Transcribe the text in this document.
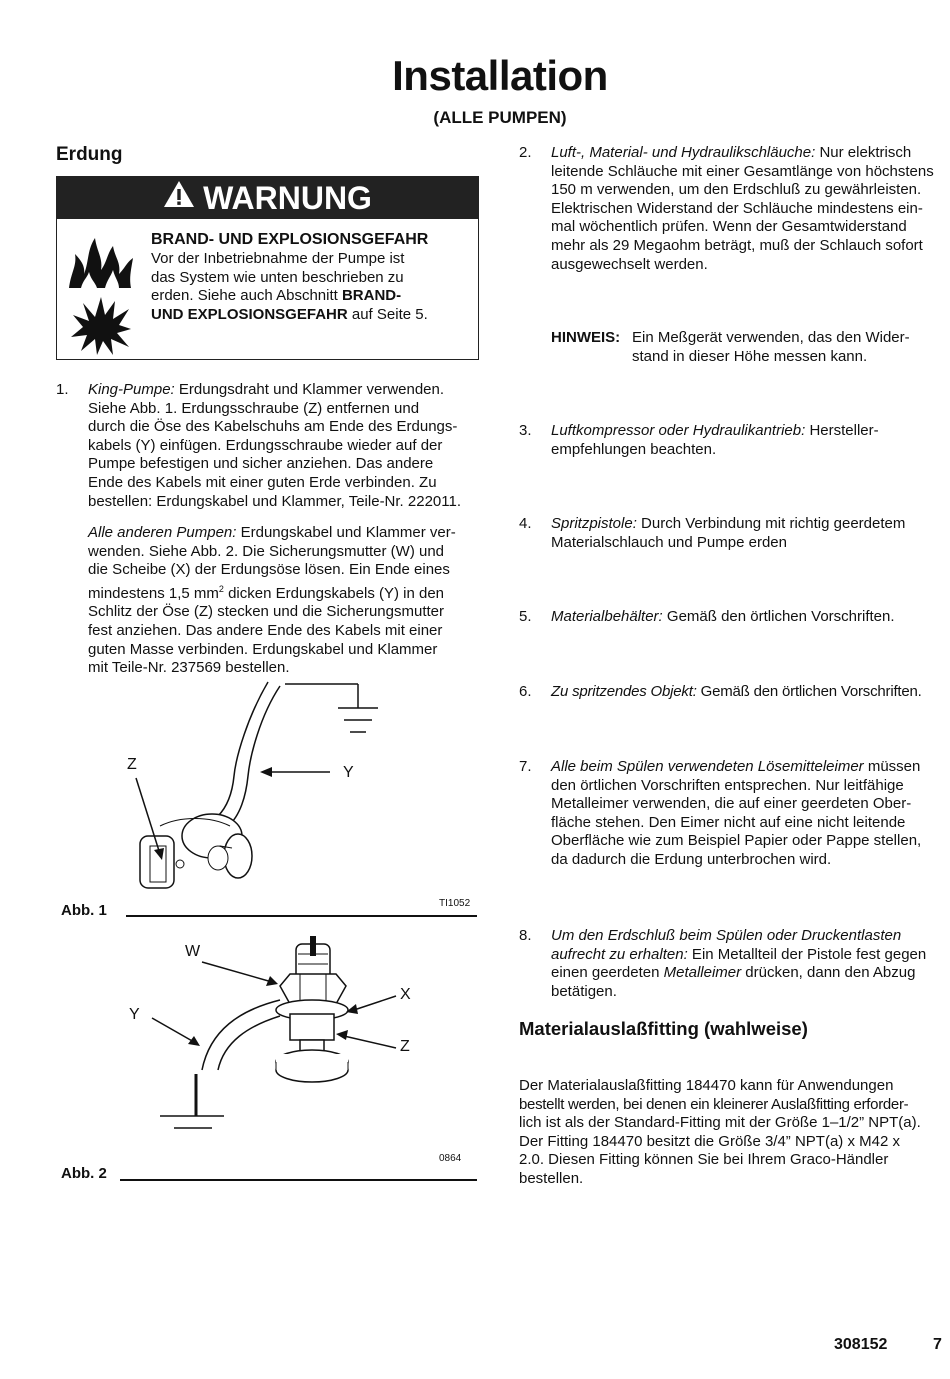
Installation
(ALLE PUMPEN)
Erdung
WARNUNG
BRAND- UND EXPLOSIONSGEFAHR
Vor der Inbetriebnahme der Pumpe ist
das System wie unten beschrieben zu
erden. Siehe auch Abschnitt BRAND-
UND EXPLOSIONSGEFAHR auf Seite 5.
1. King-Pumpe: Erdungsdraht und Klammer verwenden.
Siehe Abb. 1. Erdungsschraube (Z) entfernen und
durch die Öse des Kabelschuhs am Ende des Erdungs-
kabels (Y) einfügen. Erdungsschraube wieder auf der
Pumpe befestigen und sicher anziehen. Das andere
Ende des Kabels mit einer guten Erde verbinden. Zu
bestellen: Erdungskabel und Klammer, Teile-Nr. 222011.
Alle anderen Pumpen: Erdungskabel und Klammer ver-
wenden. Siehe Abb. 2. Die Sicherungsmutter (W) und
die Scheibe (X) der Erdungsöse lösen. Ein Ende eines
mindestens 1,5 $mm^2$ dicken Erdungskabels (Y) in den
Schlitz der Öse (Z) stecken und die Sicherungsmutter
fest anziehen. Das andere Ende des Kabels mit einer
guten Masse verbinden. Erdungskabel und Klammer
mit Teile-Nr. 237569 bestellen.
Z	Y
TI1052
Abb. 1
W
X
Y
Z
0864
Abb. 2
2. Luft-, Material- und Hydraulikschläuche: Nur elektrisch
leitende Schläuche mit einer Gesamtlänge von höchstens
150 m verwenden, um den Erdschluß zu gewährleisten.
Elektrischen Widerstand der Schläuche mindestens ein-
mal wöchentlich prüfen. Wenn der Gesamtwiderstand
mehr als 29 Megaohm beträgt, muß der Schlauch sofort
ausgewechselt werden.
HINWEIS: Ein Meßgerät verwenden, das den Wider-
stand in dieser Höhe messen kann.
3. Luftkompressor oder Hydraulikantrieb: Hersteller-
empfehlungen beachten.
4. Spritzpistole: Durch Verbindung mit richtig geerdetem
Materialschlauch und Pumpe erden
5. Materialbehälter: Gemäß den örtlichen Vorschriften.
6. Zu spritzendes Objekt: Gemäß den örtlichen Vorschriften.
7. Alle beim Spülen verwendeten Lösemitteleimer müssen
den örtlichen Vorschriften entsprechen. Nur leitfähige
Metalleimer verwenden, die auf einer geerdeten Ober-
fläche stehen. Den Eimer nicht auf eine nicht leitende
Oberfläche wie zum Beispiel Papier oder Pappe stellen,
da dadurch die Erdung unterbrochen wird.
8. Um den Erdschluß beim Spülen oder Druckentlasten
aufrecht zu erhalten: Ein Metallteil der Pistole fest gegen
einen geerdeten Metalleimer drücken, dann den Abzug
betätigen.
Materialauslaßfitting (wahlweise)
Der Materialauslaßfitting 184470 kann für Anwendungen
bestellt werden, bei denen ein kleinerer Auslaßfitting erforder-
lich ist als der Standard-Fitting mit der Größe 1–1/2” NPT(a).
Der Fitting 184470 besitzt die Größe 3/4” NPT(a) x M42 x
2.0. Diesen Fitting können Sie bei Ihrem Graco-Händler
bestellen.
308152	7
